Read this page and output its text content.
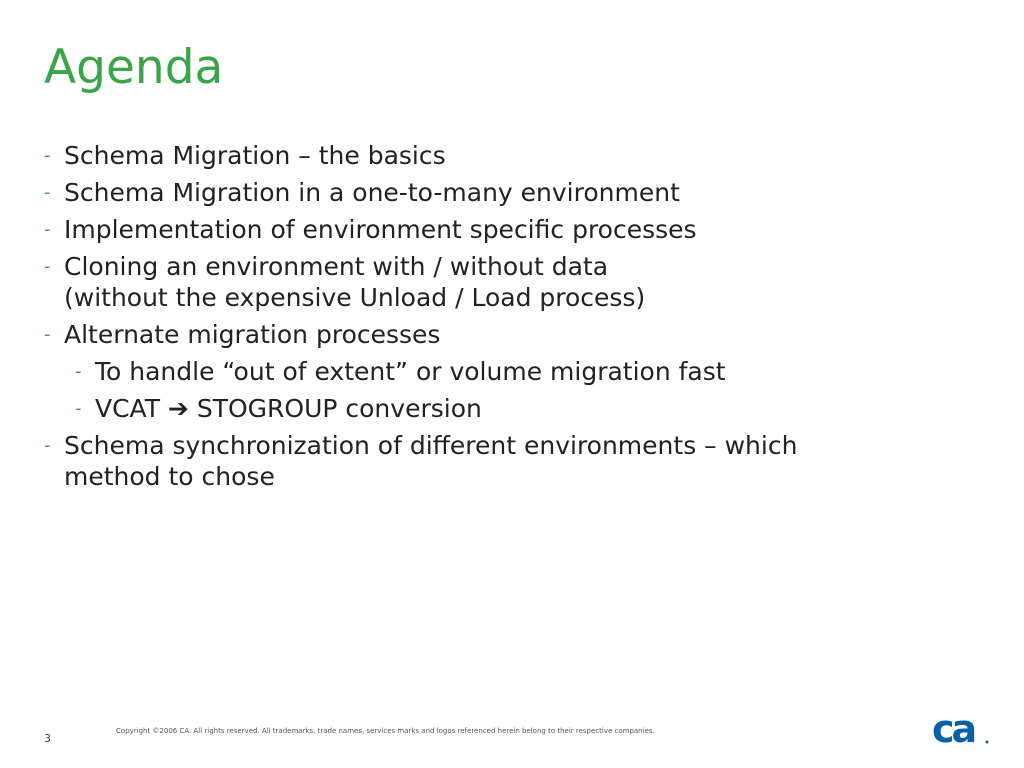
Agenda
- Schema Migration – the basics
- Schema Migration in a one-to-many environment
- Implementation of environment specific processes
- Cloning an environment with / without data
(without the expensive Unload / Load process)
- Alternate migration processes
- To handle “out of extent” or volume migration fast
- VCAT ➔ STOGROUP conversion
- Schema synchronization of different environments – which
method to chose
3
Copyright ©2006 CA. All rights reserved. All trademarks, trade names, services marks and logos referenced herein belong to their respective companies.	ca
